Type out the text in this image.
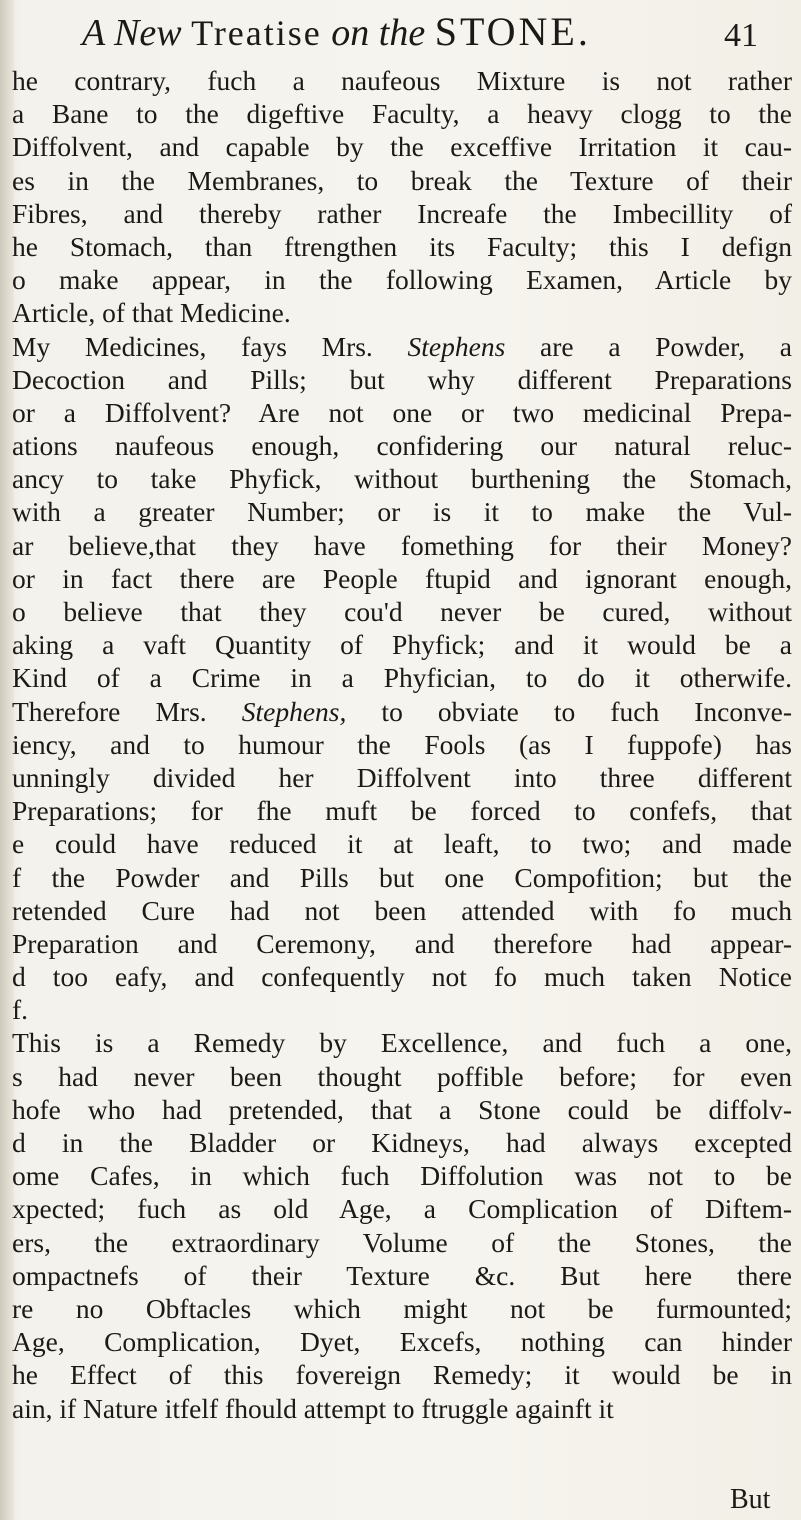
A New Treatise on the STONE.	41
he contrary, fuch a naufeous Mixture is not rather
a Bane to the digeftive Faculty, a heavy clogg to the
Diffolvent, and capable by the exceffive Irritation it cau-
es in the Membranes, to break the Texture of their
Fibres, and thereby rather Increafe the Imbecillity of
he Stomach, than ftrengthen its Faculty; this I defign
o make appear, in the following Examen, Article by
Article, of that Medicine.
My Medicines, fays Mrs. Stephens are a Powder, a
Decoction and Pills; but why different Preparations
or a Diffolvent? Are not one or two medicinal Prepa-
ations naufeous enough, confidering our natural reluc-
ancy to take Phyfick, without burthening the Stomach,
with a greater Number; or is it to make the Vul-
ar believe,that they have fomething for their Money?
or in fact there are People ftupid and ignorant enough,
o believe that they cou'd never be cured, without
aking a vaft Quantity of Phyfick; and it would be a
Kind of a Crime in a Phyfician, to do it otherwife.
Therefore Mrs. Stephens, to obviate to fuch Inconve-
iency, and to humour the Fools (as I fuppofe) has
unningly divided her Diffolvent into three different
Preparations; for fhe muft be forced to confefs, that
e could have reduced it at leaft, to two; and made
f the Powder and Pills but one Compofition; but the
retended Cure had not been attended with fo much
Preparation and Ceremony, and therefore had appear-
d too eafy, and confequently not fo much taken Notice
f.
This is a Remedy by Excellence, and fuch a one,
s had never been thought poffible before; for even
hofe who had pretended, that a Stone could be diffolv-
d in the Bladder or Kidneys, had always excepted
ome Cafes, in which fuch Diffolution was not to be
xpected; fuch as old Age, a Complication of Diftem-
ers, the extraordinary Volume of the Stones, the
ompactnefs of their Texture &c. But here there
re no Obftacles which might not be furmounted;
Age, Complication, Dyet, Excefs, nothing can hinder
he Effect of this fovereign Remedy; it would be in
ain, if Nature itfelf fhould attempt to ftruggle againft it
But
